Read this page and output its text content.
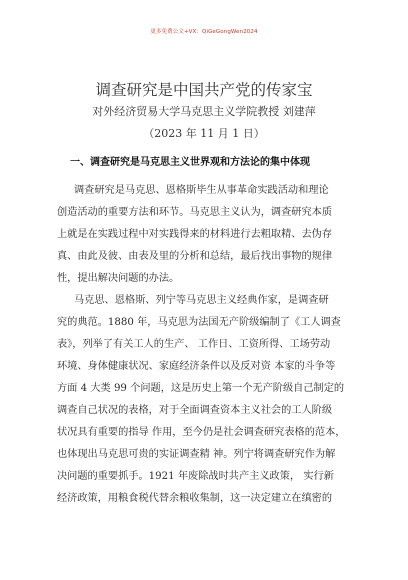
更多免费公文+VX：QiGeGongWen2024
调查研究是中国共产党的传家宝
对外经济贸易大学马克思主义学院教授 刘建萍
（2023 年 11 月 1 日）
一、调查研究是马克思主义世界观和方法论的集中体现
调查研究是马克思、恩格斯毕生从事革命实践活动和理论
创造活动的重要方法和环节。马克思主义认为，调查研究本质
上就是在实践过程中对实践得来的材料进行去粗取精、去伪存
真、由此及彼、由表及里的分析和总结，最后找出事物的规律
性，提出解决问题的办法。
马克思、恩格斯、列宁等马克思主义经典作家，是调查研
究的典范。1880 年，马克思为法国无产阶级编制了《工人调查
表》，列举了有关工人的生产、 工作日、工资所得、工场劳动
环境、身体健康状况、家庭经济条件以及反对资 本家的斗争等
方面 4 大类 99 个问题，这是历史上第一个无产阶级自己制定的
调查自己状况的表格，对于全面调查资本主义社会的工人阶级
状况具有重要的指导 作用，至今仍是社会调查研究表格的范本，
也体现出马克思可贵的实证调查精 神。列宁将调查研究作为解
决问题的重要抓手。1921 年废除战时共产主义政策， 实行新
经济政策，用粮食税代替余粮收集制，这一决定建立在缜密的
